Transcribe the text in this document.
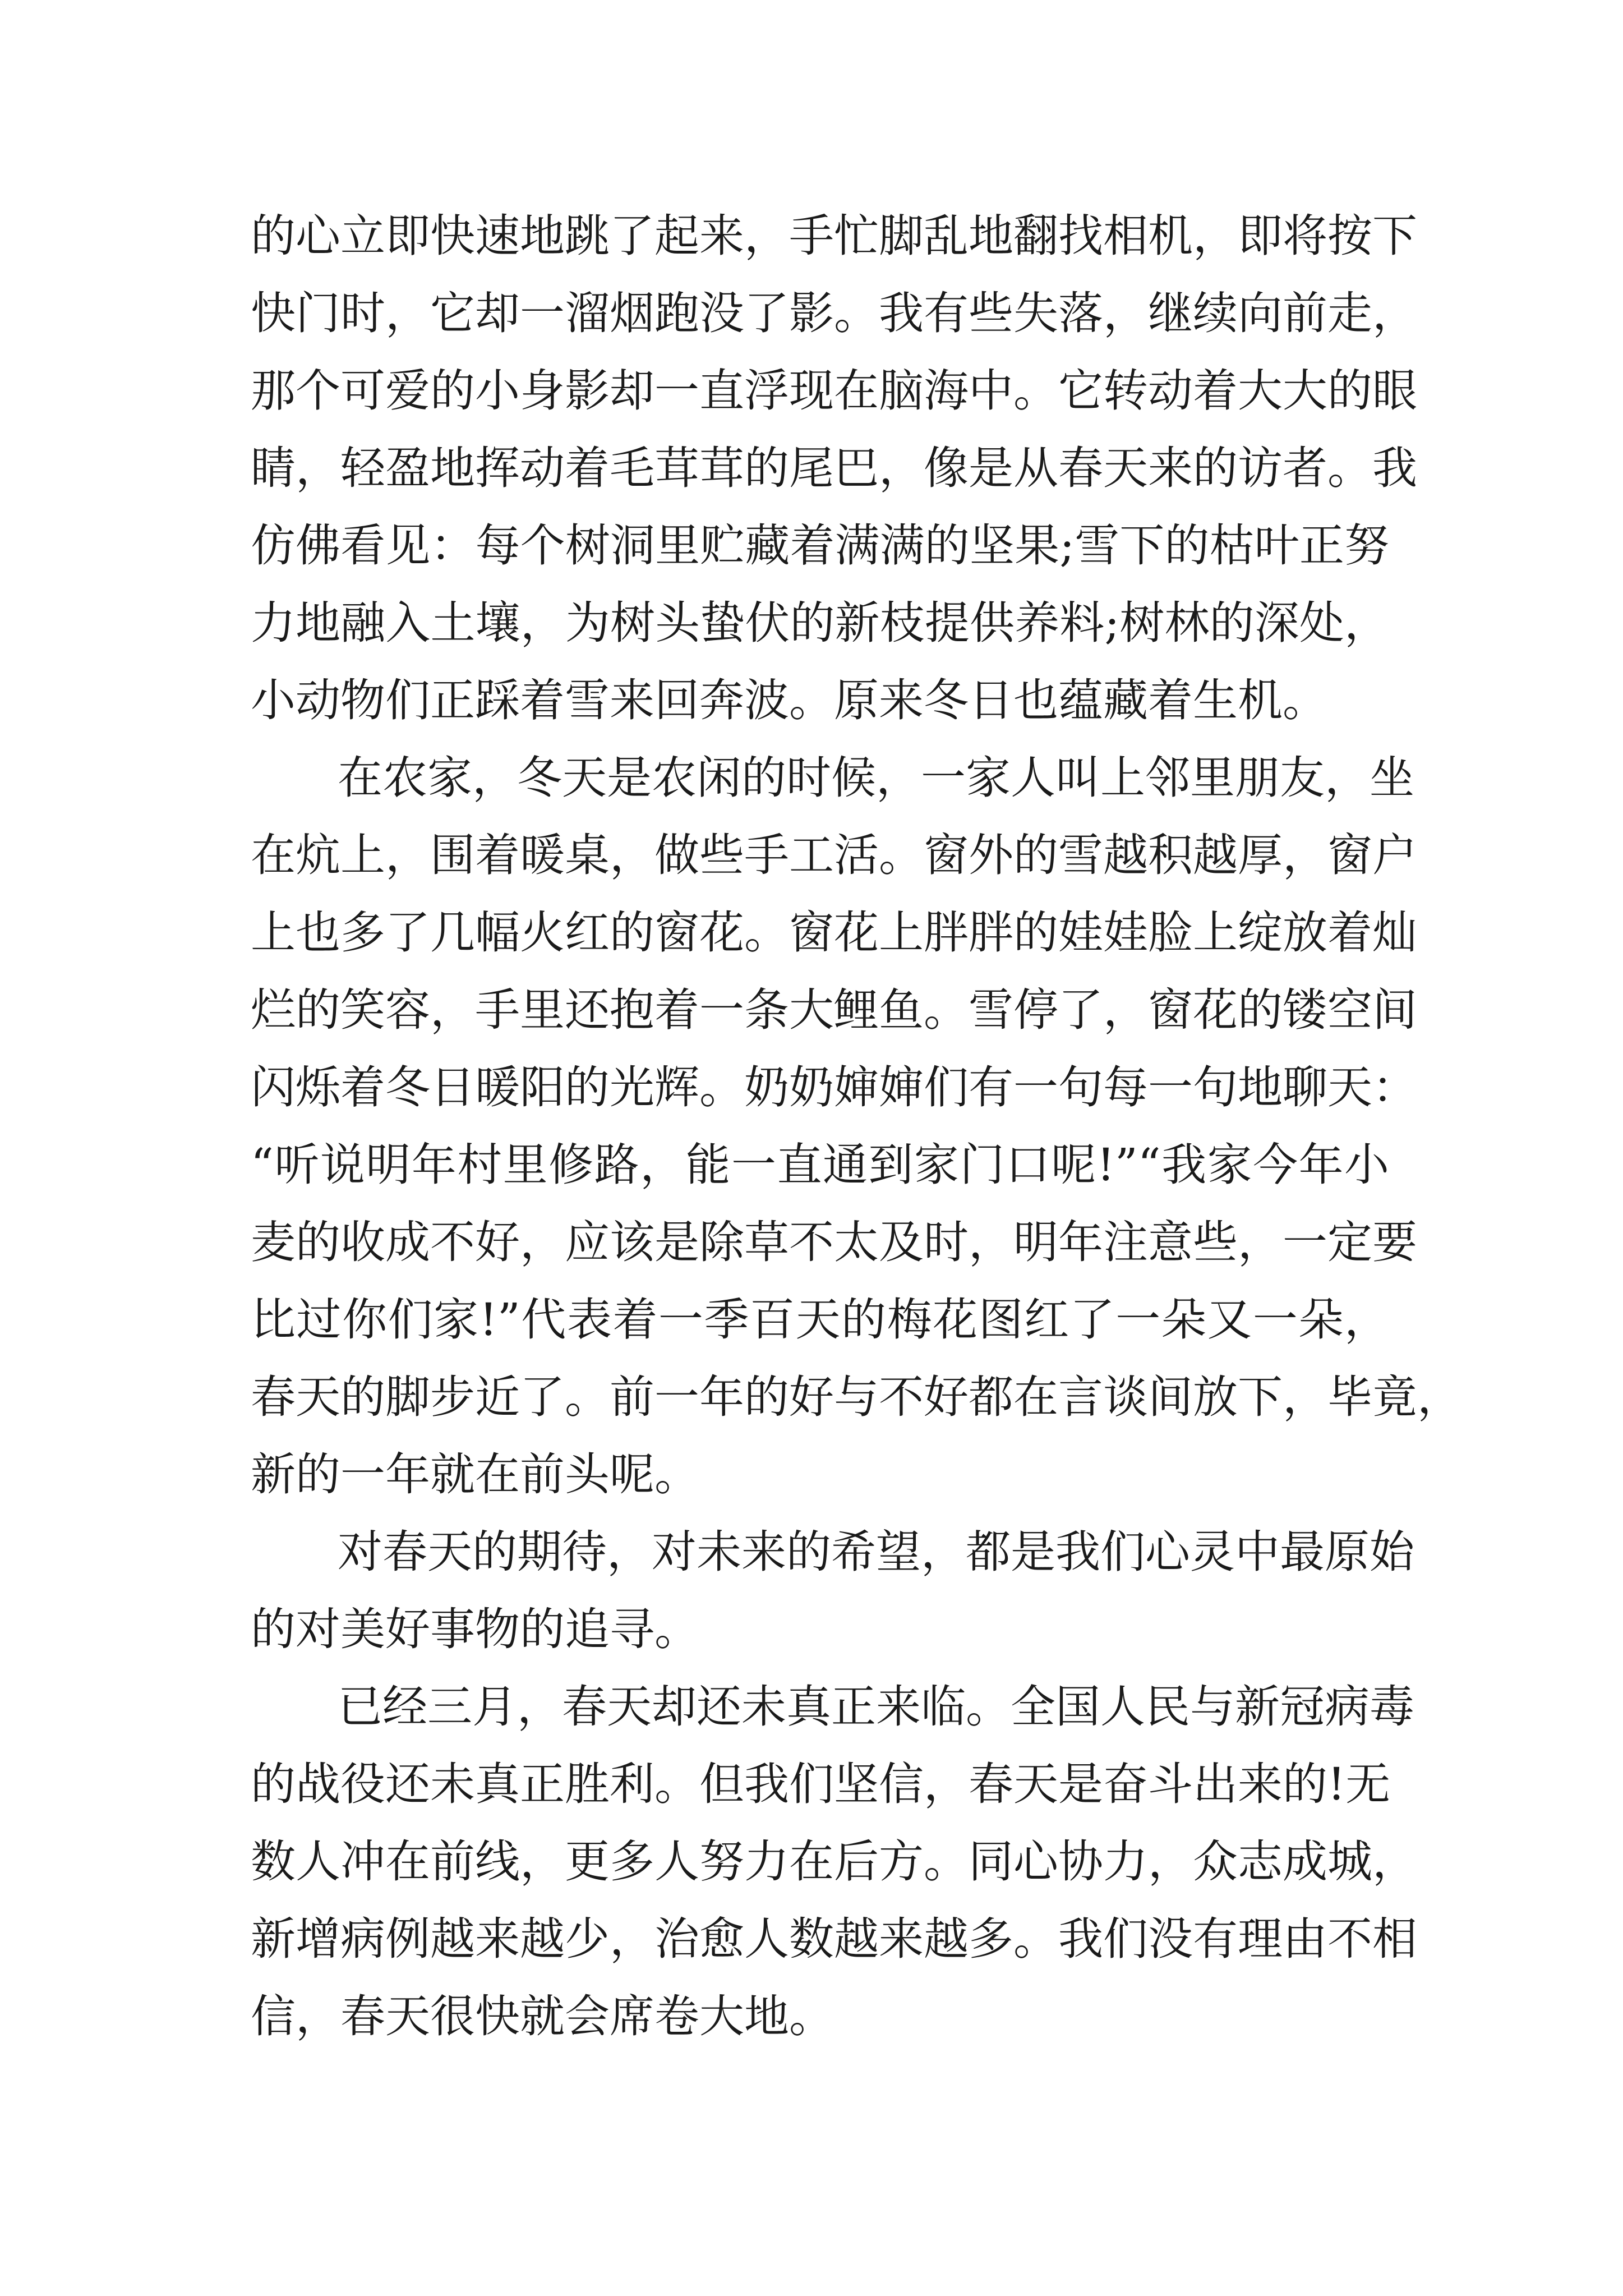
的心立即快速地跳了起来，手忙脚乱地翻找相机，即将按下
快门时，它却一溜烟跑没了影。我有些失落，继续向前走，
那个可爱的小身影却一直浮现在脑海中。它转动着大大的眼
睛，轻盈地挥动着毛茸茸的尾巴，像是从春天来的访者。我
仿佛看见：每个树洞里贮藏着满满的坚果;雪下的枯叶正努
力地融入土壤，为树头蛰伏的新枝提供养料;树林的深处，
小动物们正踩着雪来回奔波。原来冬日也蕴藏着生机。

在农家，冬天是农闲的时候，一家人叫上邻里朋友，坐
在炕上，围着暖桌，做些手工活。窗外的雪越积越厚，窗户
上也多了几幅火红的窗花。窗花上胖胖的娃娃脸上绽放着灿
烂的笑容，手里还抱着一条大鲤鱼。雪停了，窗花的镂空间
闪烁着冬日暖阳的光辉。奶奶婶婶们有一句每一句地聊天：
“听说明年村里修路，能一直通到家门口呢!”“我家今年小
麦的收成不好，应该是除草不太及时，明年注意些，一定要
比过你们家!”代表着一季百天的梅花图红了一朵又一朵，
春天的脚步近了。前一年的好与不好都在言谈间放下，毕竟，
新的一年就在前头呢。

对春天的期待，对未来的希望，都是我们心灵中最原始
的对美好事物的追寻。

已经三月，春天却还未真正来临。全国人民与新冠病毒
的战役还未真正胜利。但我们坚信，春天是奋斗出来的!无
数人冲在前线，更多人努力在后方。同心协力，众志成城，
新增病例越来越少，治愈人数越来越多。我们没有理由不相
信，春天很快就会席卷大地。
